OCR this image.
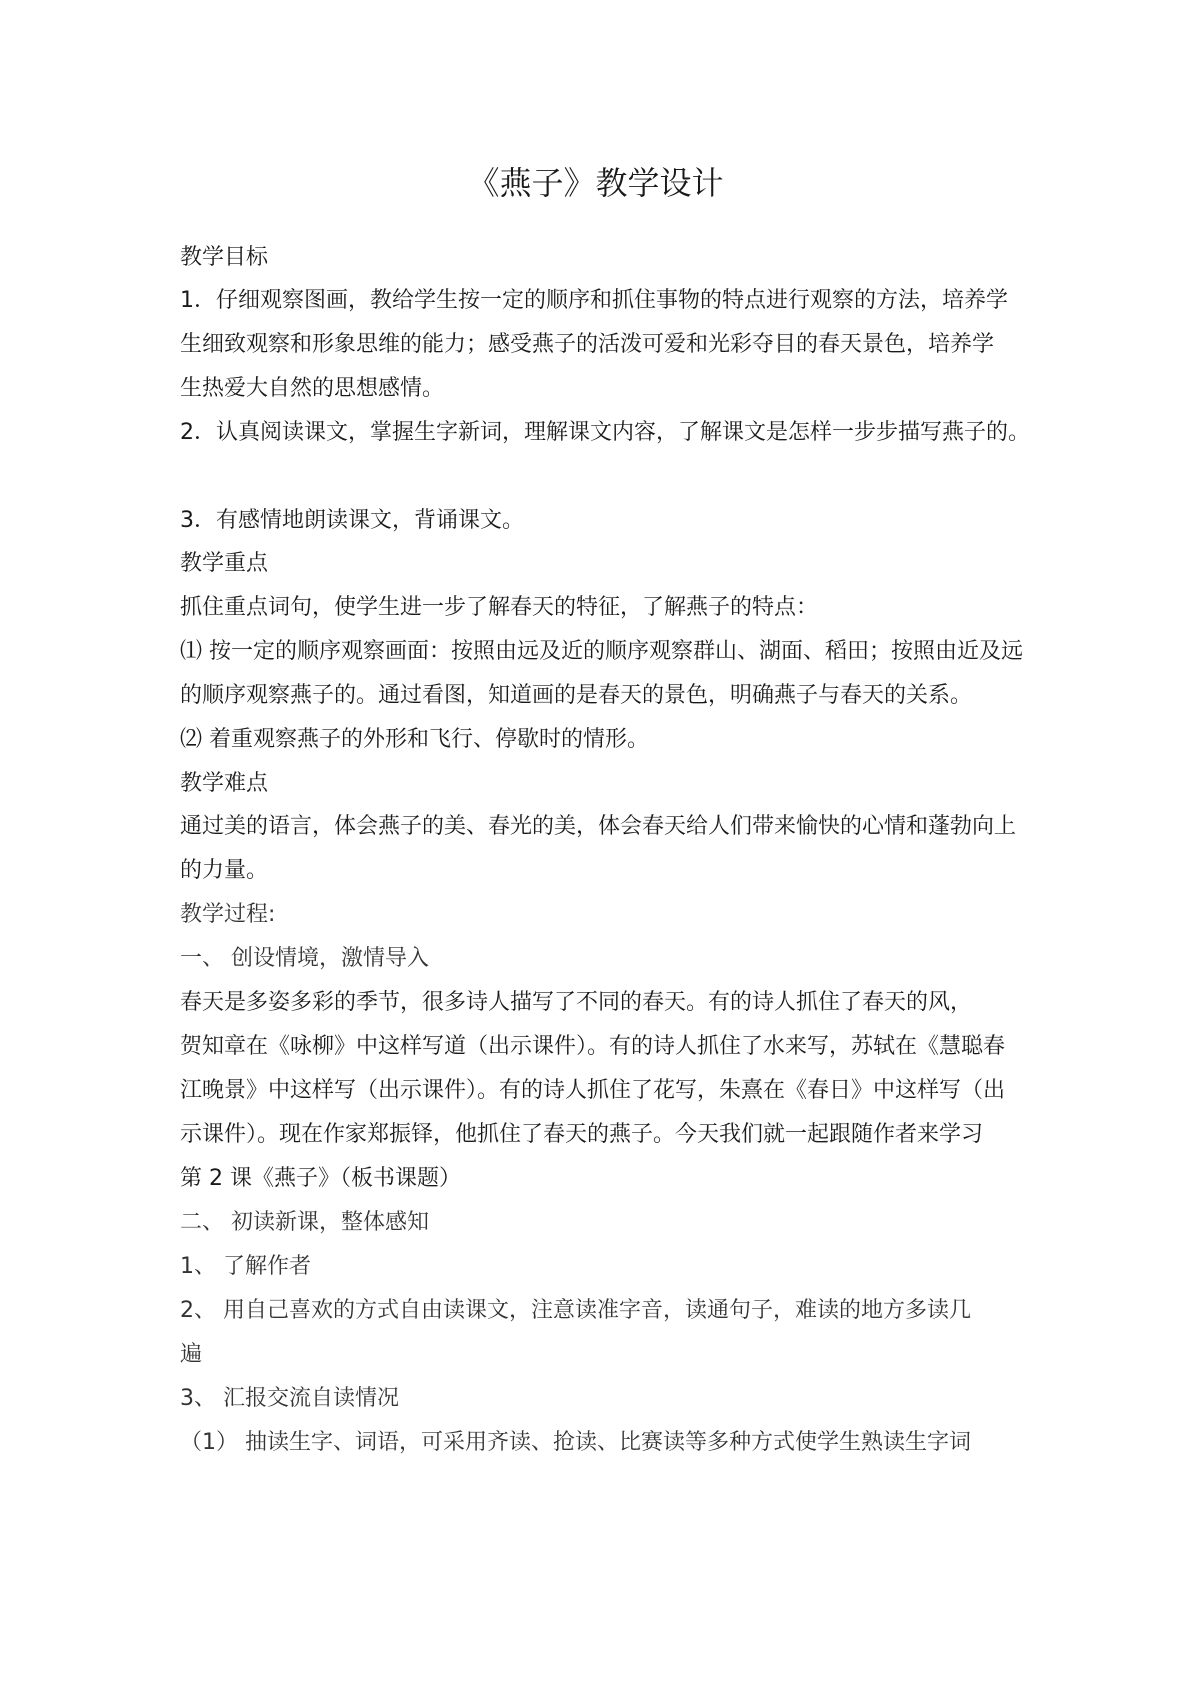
《燕子》教学设计

教学目标

1．仔细观察图画，教给学生按一定的顺序和抓住事物的特点进行观察的方法，培养学

生细致观察和形象思维的能力；感受燕子的活泼可爱和光彩夺目的春天景色，培养学

生热爱大自然的思想感情。

2．认真阅读课文，掌握生字新词，理解课文内容，了解课文是怎样一步步描写燕子的。

3．有感情地朗读课文，背诵课文。

教学重点

抓住重点词句，使学生进一步了解春天的特征，了解燕子的特点：

⑴ 按一定的顺序观察画面：按照由远及近的顺序观察群山、湖面、稻田；按照由近及远

的顺序观察燕子的。通过看图，知道画的是春天的景色，明确燕子与春天的关系。

⑵ 着重观察燕子的外形和飞行、停歇时的情形。

教学难点

通过美的语言，体会燕子的美、春光的美，体会春天给人们带来愉快的心情和蓬勃向上

的力量。

教学过程:

一、 创设情境，激情导入

春天是多姿多彩的季节，很多诗人描写了不同的春天。有的诗人抓住了春天的风，

贺知章在《咏柳》中这样写道（出示课件）。有的诗人抓住了水来写，苏轼在《慧聪春

江晚景》中这样写（出示课件）。有的诗人抓住了花写，朱熹在《春日》中这样写（出

示课件）。现在作家郑振铎，他抓住了春天的燕子。今天我们就一起跟随作者来学习

第 2 课《燕子》（板书课题）

二、 初读新课，整体感知

1、 了解作者

2、 用自己喜欢的方式自由读课文，注意读准字音，读通句子，难读的地方多读几

遍

3、 汇报交流自读情况

（1） 抽读生字、词语，可采用齐读、抢读、比赛读等多种方式使学生熟读生字词
